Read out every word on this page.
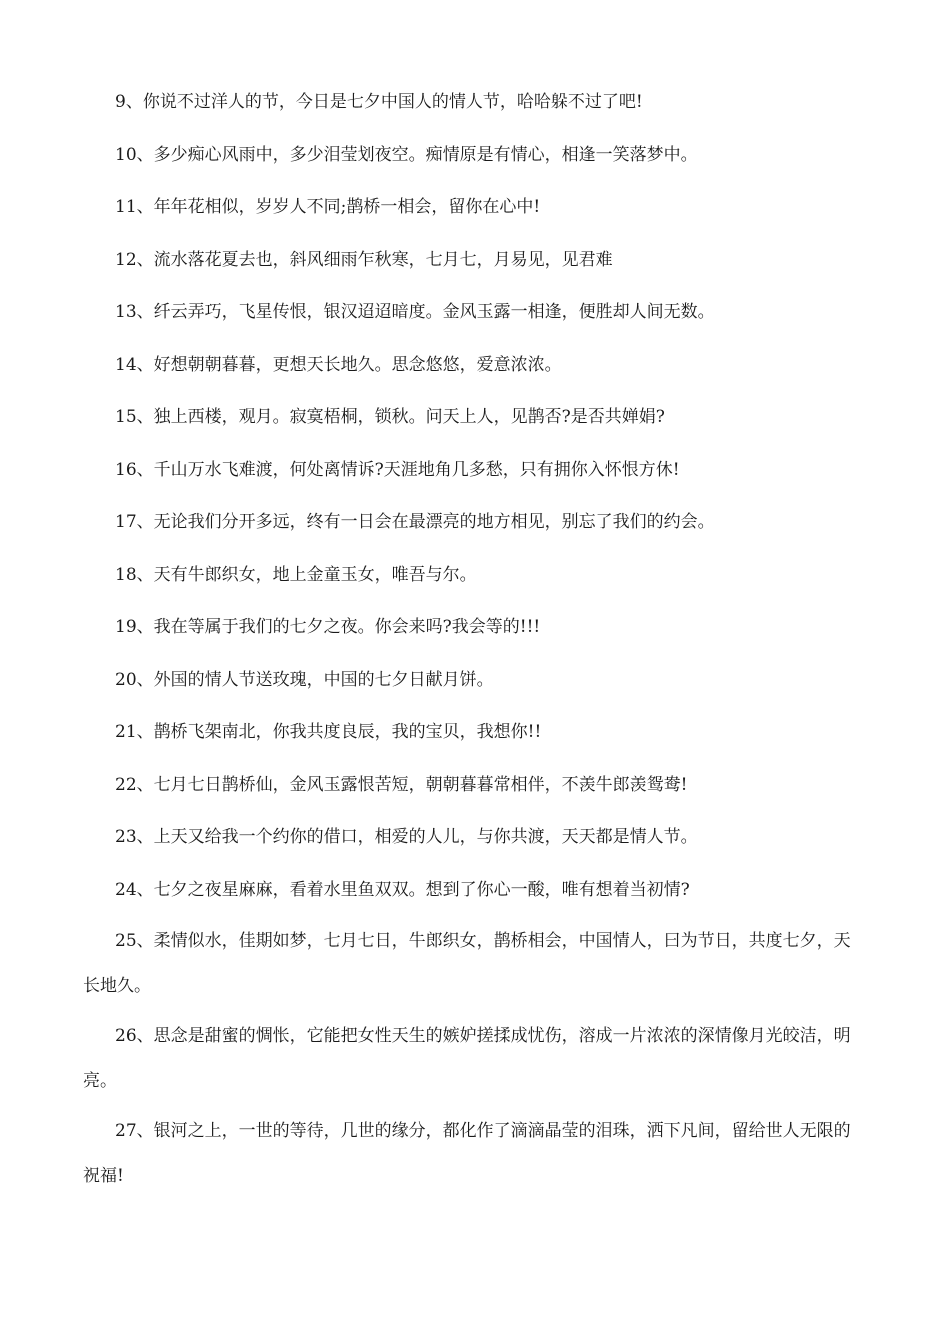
9、你说不过洋人的节，今日是七夕中国人的情人节，哈哈躲不过了吧!

10、多少痴心风雨中，多少泪莹划夜空。痴情原是有情心，相逢一笑落梦中。

11、年年花相似，岁岁人不同;鹊桥一相会，留你在心中!

12、流水落花夏去也，斜风细雨乍秋寒，七月七，月易见，见君难

13、纤云弄巧，飞星传恨，银汉迢迢暗度。金风玉露一相逢，便胜却人间无数。

14、好想朝朝暮暮，更想天长地久。思念悠悠，爱意浓浓。

15、独上西楼，观月。寂寞梧桐，锁秋。问天上人，见鹊否?是否共婵娟?

16、千山万水飞难渡，何处离情诉?天涯地角几多愁，只有拥你入怀恨方休!

17、无论我们分开多远，终有一日会在最漂亮的地方相见，别忘了我们的约会。

18、天有牛郎织女，地上金童玉女，唯吾与尔。

19、我在等属于我们的七夕之夜。你会来吗?我会等的!!!

20、外国的情人节送玫瑰，中国的七夕日献月饼。

21、鹊桥飞架南北，你我共度良辰，我的宝贝，我想你!!

22、七月七日鹊桥仙，金风玉露恨苦短，朝朝暮暮常相伴，不羡牛郎羡鸳鸯!

23、上天又给我一个约你的借口，相爱的人儿，与你共渡，天天都是情人节。

24、七夕之夜星麻麻，看着水里鱼双双。想到了你心一酸，唯有想着当初情?

25、柔情似水，佳期如梦，七月七日，牛郎织女，鹊桥相会，中国情人，曰为节日，共度七夕，天长地久。

26、思念是甜蜜的惆怅，它能把女性天生的嫉妒搓揉成忧伤，溶成一片浓浓的深情像月光皎洁，明亮。

27、银河之上，一世的等待，几世的缘分，都化作了滴滴晶莹的泪珠，洒下凡间，留给世人无限的祝福!
